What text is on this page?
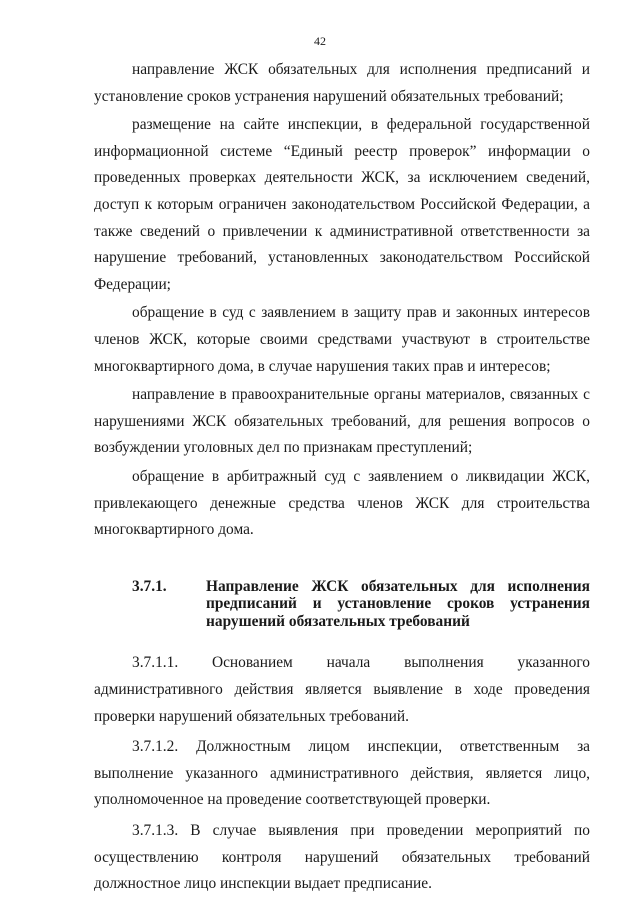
42

направление ЖСК обязательных для исполнения предписаний и установление сроков устранения нарушений обязательных требований;

размещение на сайте инспекции, в федеральной государственной информационной системе “Единый реестр проверок” информации о проведенных проверках деятельности ЖСК, за исключением сведений, доступ к которым ограничен законодательством Российской Федерации, а также сведений о привлечении к административной ответственности за нарушение требований, установленных законодательством Российской Федерации;

обращение в суд с заявлением в защиту прав и законных интересов членов ЖСК, которые своими средствами участвуют в строительстве многоквартирного дома, в случае нарушения таких прав и интересов;

направление в правоохранительные органы материалов, связанных с нарушениями ЖСК обязательных требований, для решения вопросов о возбуждении уголовных дел по признакам преступлений;

обращение в арбитражный суд с заявлением о ликвидации ЖСК, привлекающего денежные средства членов ЖСК для строительства многоквартирного дома.

3.7.1.	Направление ЖСК обязательных для исполнения предписаний и установление сроков устранения нарушений обязательных требований

3.7.1.1. Основанием начала выполнения указанного административного действия является выявление в ходе проведения проверки нарушений обязательных требований.

3.7.1.2. Должностным лицом инспекции, ответственным за выполнение указанного административного действия, является лицо, уполномоченное на проведение соответствующей проверки.

3.7.1.3. В случае выявления при проведении мероприятий по осуществлению контроля нарушений обязательных требований должностное лицо инспекции выдает предписание.
